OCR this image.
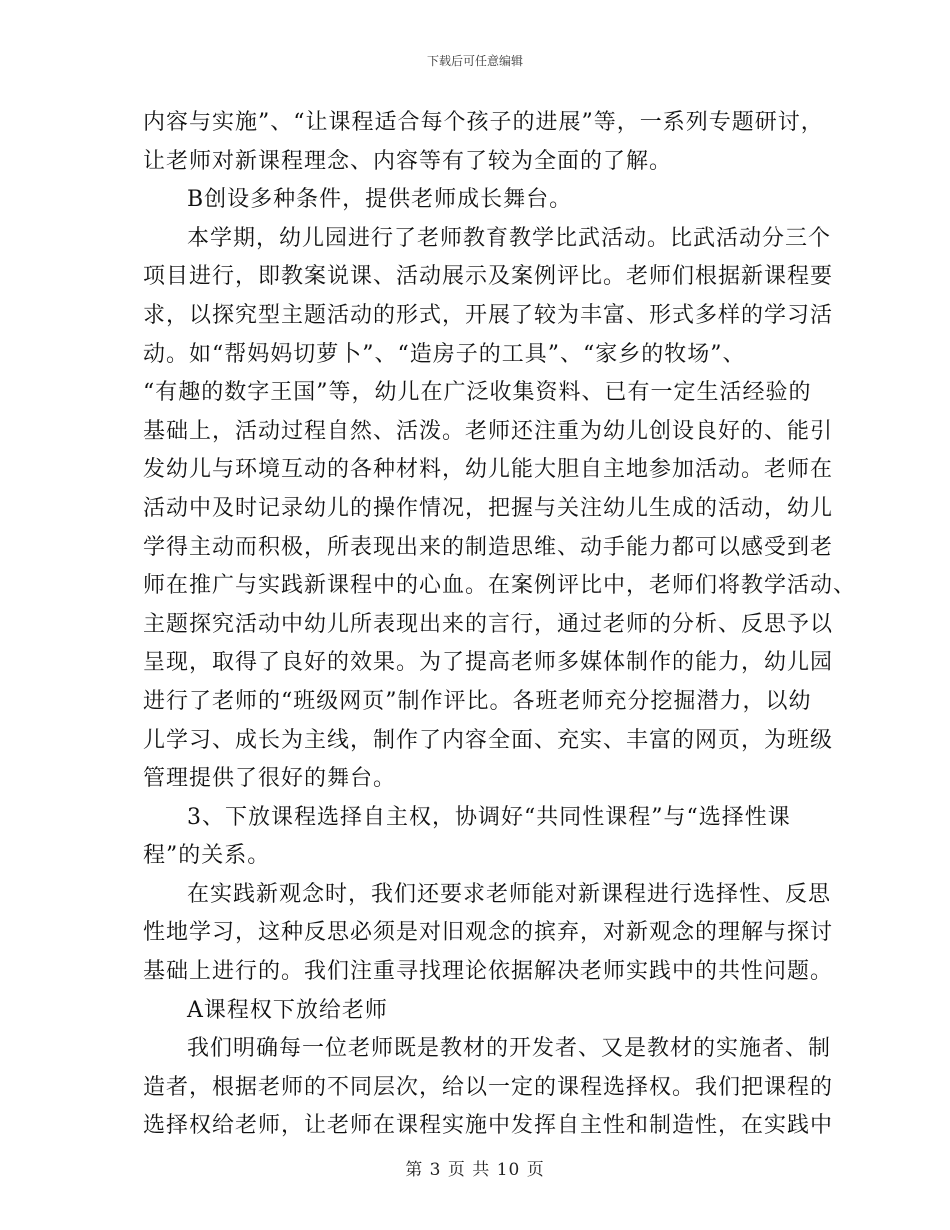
下载后可任意编辑
内容与实施”、“让课程适合每个孩子的进展”等，一系列专题研讨，
让老师对新课程理念、内容等有了较为全面的了解。
B创设多种条件，提供老师成长舞台。
本学期，幼儿园进行了老师教育教学比武活动。比武活动分三个
项目进行，即教案说课、活动展示及案例评比。老师们根据新课程要
求，以探究型主题活动的形式，开展了较为丰富、形式多样的学习活
动。如“帮妈妈切萝卜”、“造房子的工具”、“家乡的牧场”、
“有趣的数字王国”等，幼儿在广泛收集资料、已有一定生活经验的
基础上，活动过程自然、活泼。老师还注重为幼儿创设良好的、能引
发幼儿与环境互动的各种材料，幼儿能大胆自主地参加活动。老师在
活动中及时记录幼儿的操作情况，把握与关注幼儿生成的活动，幼儿
学得主动而积极，所表现出来的制造思维、动手能力都可以感受到老
师在推广与实践新课程中的心血。在案例评比中，老师们将教学活动、
主题探究活动中幼儿所表现出来的言行，通过老师的分析、反思予以
呈现，取得了良好的效果。为了提高老师多媒体制作的能力，幼儿园
进行了老师的“班级网页”制作评比。各班老师充分挖掘潜力，以幼
儿学习、成长为主线，制作了内容全面、充实、丰富的网页，为班级
管理提供了很好的舞台。
3、下放课程选择自主权，协调好“共同性课程”与“选择性课
程”的关系。
在实践新观念时，我们还要求老师能对新课程进行选择性、反思
性地学习，这种反思必须是对旧观念的摈弃，对新观念的理解与探讨
基础上进行的。我们注重寻找理论依据解决老师实践中的共性问题。
A课程权下放给老师
我们明确每一位老师既是教材的开发者、又是教材的实施者、制
造者，根据老师的不同层次，给以一定的课程选择权。我们把课程的
选择权给老师，让老师在课程实施中发挥自主性和制造性，在实践中
第 3 页 共 10 页
